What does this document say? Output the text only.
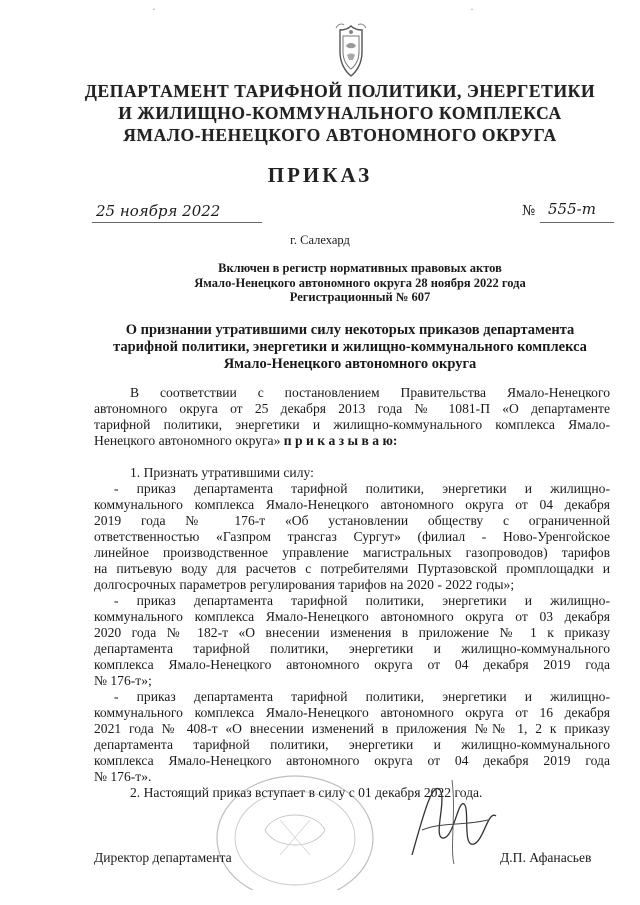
ДЕПАРТАМЕНТ ТАРИФНОЙ ПОЛИТИКИ, ЭНЕРГЕТИКИ
И ЖИЛИЩНО-КОММУНАЛЬНОГО КОМПЛЕКСА
ЯМАЛО-НЕНЕЦКОГО АВТОНОМНОГО ОКРУГА
ПРИКАЗ
25 ноября 2022	№ 555-т
г. Салехард
Включен в регистр нормативных правовых актов
Ямало-Ненецкого автономного округа 28 ноября 2022 года
Регистрационный № 607
О признании утратившими силу некоторых приказов департамента
тарифной политики, энергетики и жилищно-коммунального комплекса
Ямало-Ненецкого автономного округа
В соответствии с постановлением Правительства Ямало-Ненецкого
автономного округа от 25 декабря 2013 года № 1081-П «О департаменте
тарифной политики, энергетики и жилищно-коммунального комплекса Ямало-
Ненецкого автономного округа» п р и к а з ы в а ю:
1. Признать утратившими силу:
- приказ департамента тарифной политики, энергетики и жилищно-
коммунального комплекса Ямало-Ненецкого автономного округа от 04 декабря
2019 года № 176-т «Об установлении обществу с ограниченной
ответственностью «Газпром трансгаз Сургут» (филиал - Ново-Уренгойское
линейное производственное управление магистральных газопроводов) тарифов
на питьевую воду для расчетов с потребителями Пуртазовской промплощадки и
долгосрочных параметров регулирования тарифов на 2020 - 2022 годы»;
- приказ департамента тарифной политики, энергетики и жилищно-
коммунального комплекса Ямало-Ненецкого автономного округа от 03 декабря
2020 года № 182-т «О внесении изменения в приложение № 1 к приказу
департамента тарифной политики, энергетики и жилищно-коммунального
комплекса Ямало-Ненецкого автономного округа от 04 декабря 2019 года
№ 176-т»;
- приказ департамента тарифной политики, энергетики и жилищно-
коммунального комплекса Ямало-Ненецкого автономного округа от 16 декабря
2021 года № 408-т «О внесении изменений в приложения №№ 1, 2 к приказу
департамента тарифной политики, энергетики и жилищно-коммунального
комплекса Ямало-Ненецкого автономного округа от 04 декабря 2019 года
№ 176-т».
2. Настоящий приказ вступает в силу с 01 декабря 2022 года.
Директор департамента	Д.П. Афанасьев
·	·
